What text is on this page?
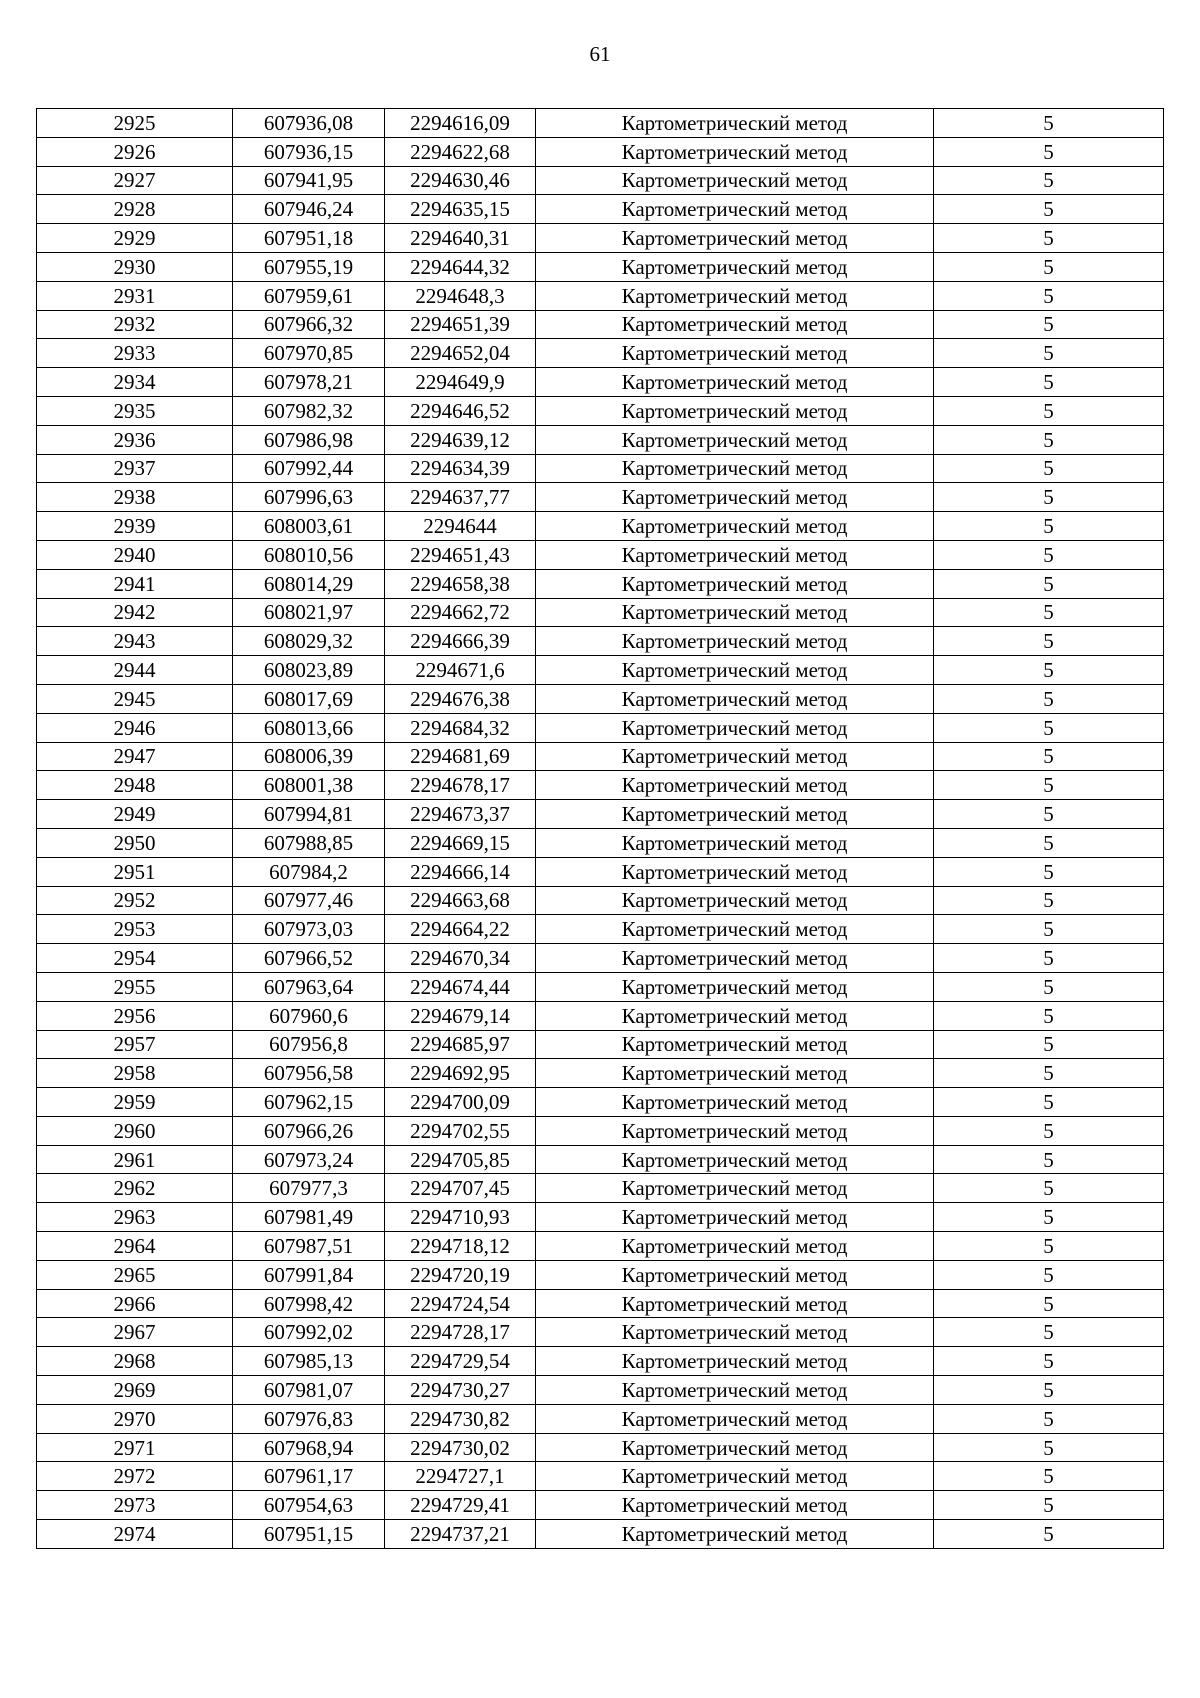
61
2925	607936,08	2294616,09	Картометрический метод	5
2926	607936,15	2294622,68	Картометрический метод	5
2927	607941,95	2294630,46	Картометрический метод	5
2928	607946,24	2294635,15	Картометрический метод	5
2929	607951,18	2294640,31	Картометрический метод	5
2930	607955,19	2294644,32	Картометрический метод	5
2931	607959,61	2294648,3	Картометрический метод	5
2932	607966,32	2294651,39	Картометрический метод	5
2933	607970,85	2294652,04	Картометрический метод	5
2934	607978,21	2294649,9	Картометрический метод	5
2935	607982,32	2294646,52	Картометрический метод	5
2936	607986,98	2294639,12	Картометрический метод	5
2937	607992,44	2294634,39	Картометрический метод	5
2938	607996,63	2294637,77	Картометрический метод	5
2939	608003,61	2294644	Картометрический метод	5
2940	608010,56	2294651,43	Картометрический метод	5
2941	608014,29	2294658,38	Картометрический метод	5
2942	608021,97	2294662,72	Картометрический метод	5
2943	608029,32	2294666,39	Картометрический метод	5
2944	608023,89	2294671,6	Картометрический метод	5
2945	608017,69	2294676,38	Картометрический метод	5
2946	608013,66	2294684,32	Картометрический метод	5
2947	608006,39	2294681,69	Картометрический метод	5
2948	608001,38	2294678,17	Картометрический метод	5
2949	607994,81	2294673,37	Картометрический метод	5
2950	607988,85	2294669,15	Картометрический метод	5
2951	607984,2	2294666,14	Картометрический метод	5
2952	607977,46	2294663,68	Картометрический метод	5
2953	607973,03	2294664,22	Картометрический метод	5
2954	607966,52	2294670,34	Картометрический метод	5
2955	607963,64	2294674,44	Картометрический метод	5
2956	607960,6	2294679,14	Картометрический метод	5
2957	607956,8	2294685,97	Картометрический метод	5
2958	607956,58	2294692,95	Картометрический метод	5
2959	607962,15	2294700,09	Картометрический метод	5
2960	607966,26	2294702,55	Картометрический метод	5
2961	607973,24	2294705,85	Картометрический метод	5
2962	607977,3	2294707,45	Картометрический метод	5
2963	607981,49	2294710,93	Картометрический метод	5
2964	607987,51	2294718,12	Картометрический метод	5
2965	607991,84	2294720,19	Картометрический метод	5
2966	607998,42	2294724,54	Картометрический метод	5
2967	607992,02	2294728,17	Картометрический метод	5
2968	607985,13	2294729,54	Картометрический метод	5
2969	607981,07	2294730,27	Картометрический метод	5
2970	607976,83	2294730,82	Картометрический метод	5
2971	607968,94	2294730,02	Картометрический метод	5
2972	607961,17	2294727,1	Картометрический метод	5
2973	607954,63	2294729,41	Картометрический метод	5
2974	607951,15	2294737,21	Картометрический метод	5
